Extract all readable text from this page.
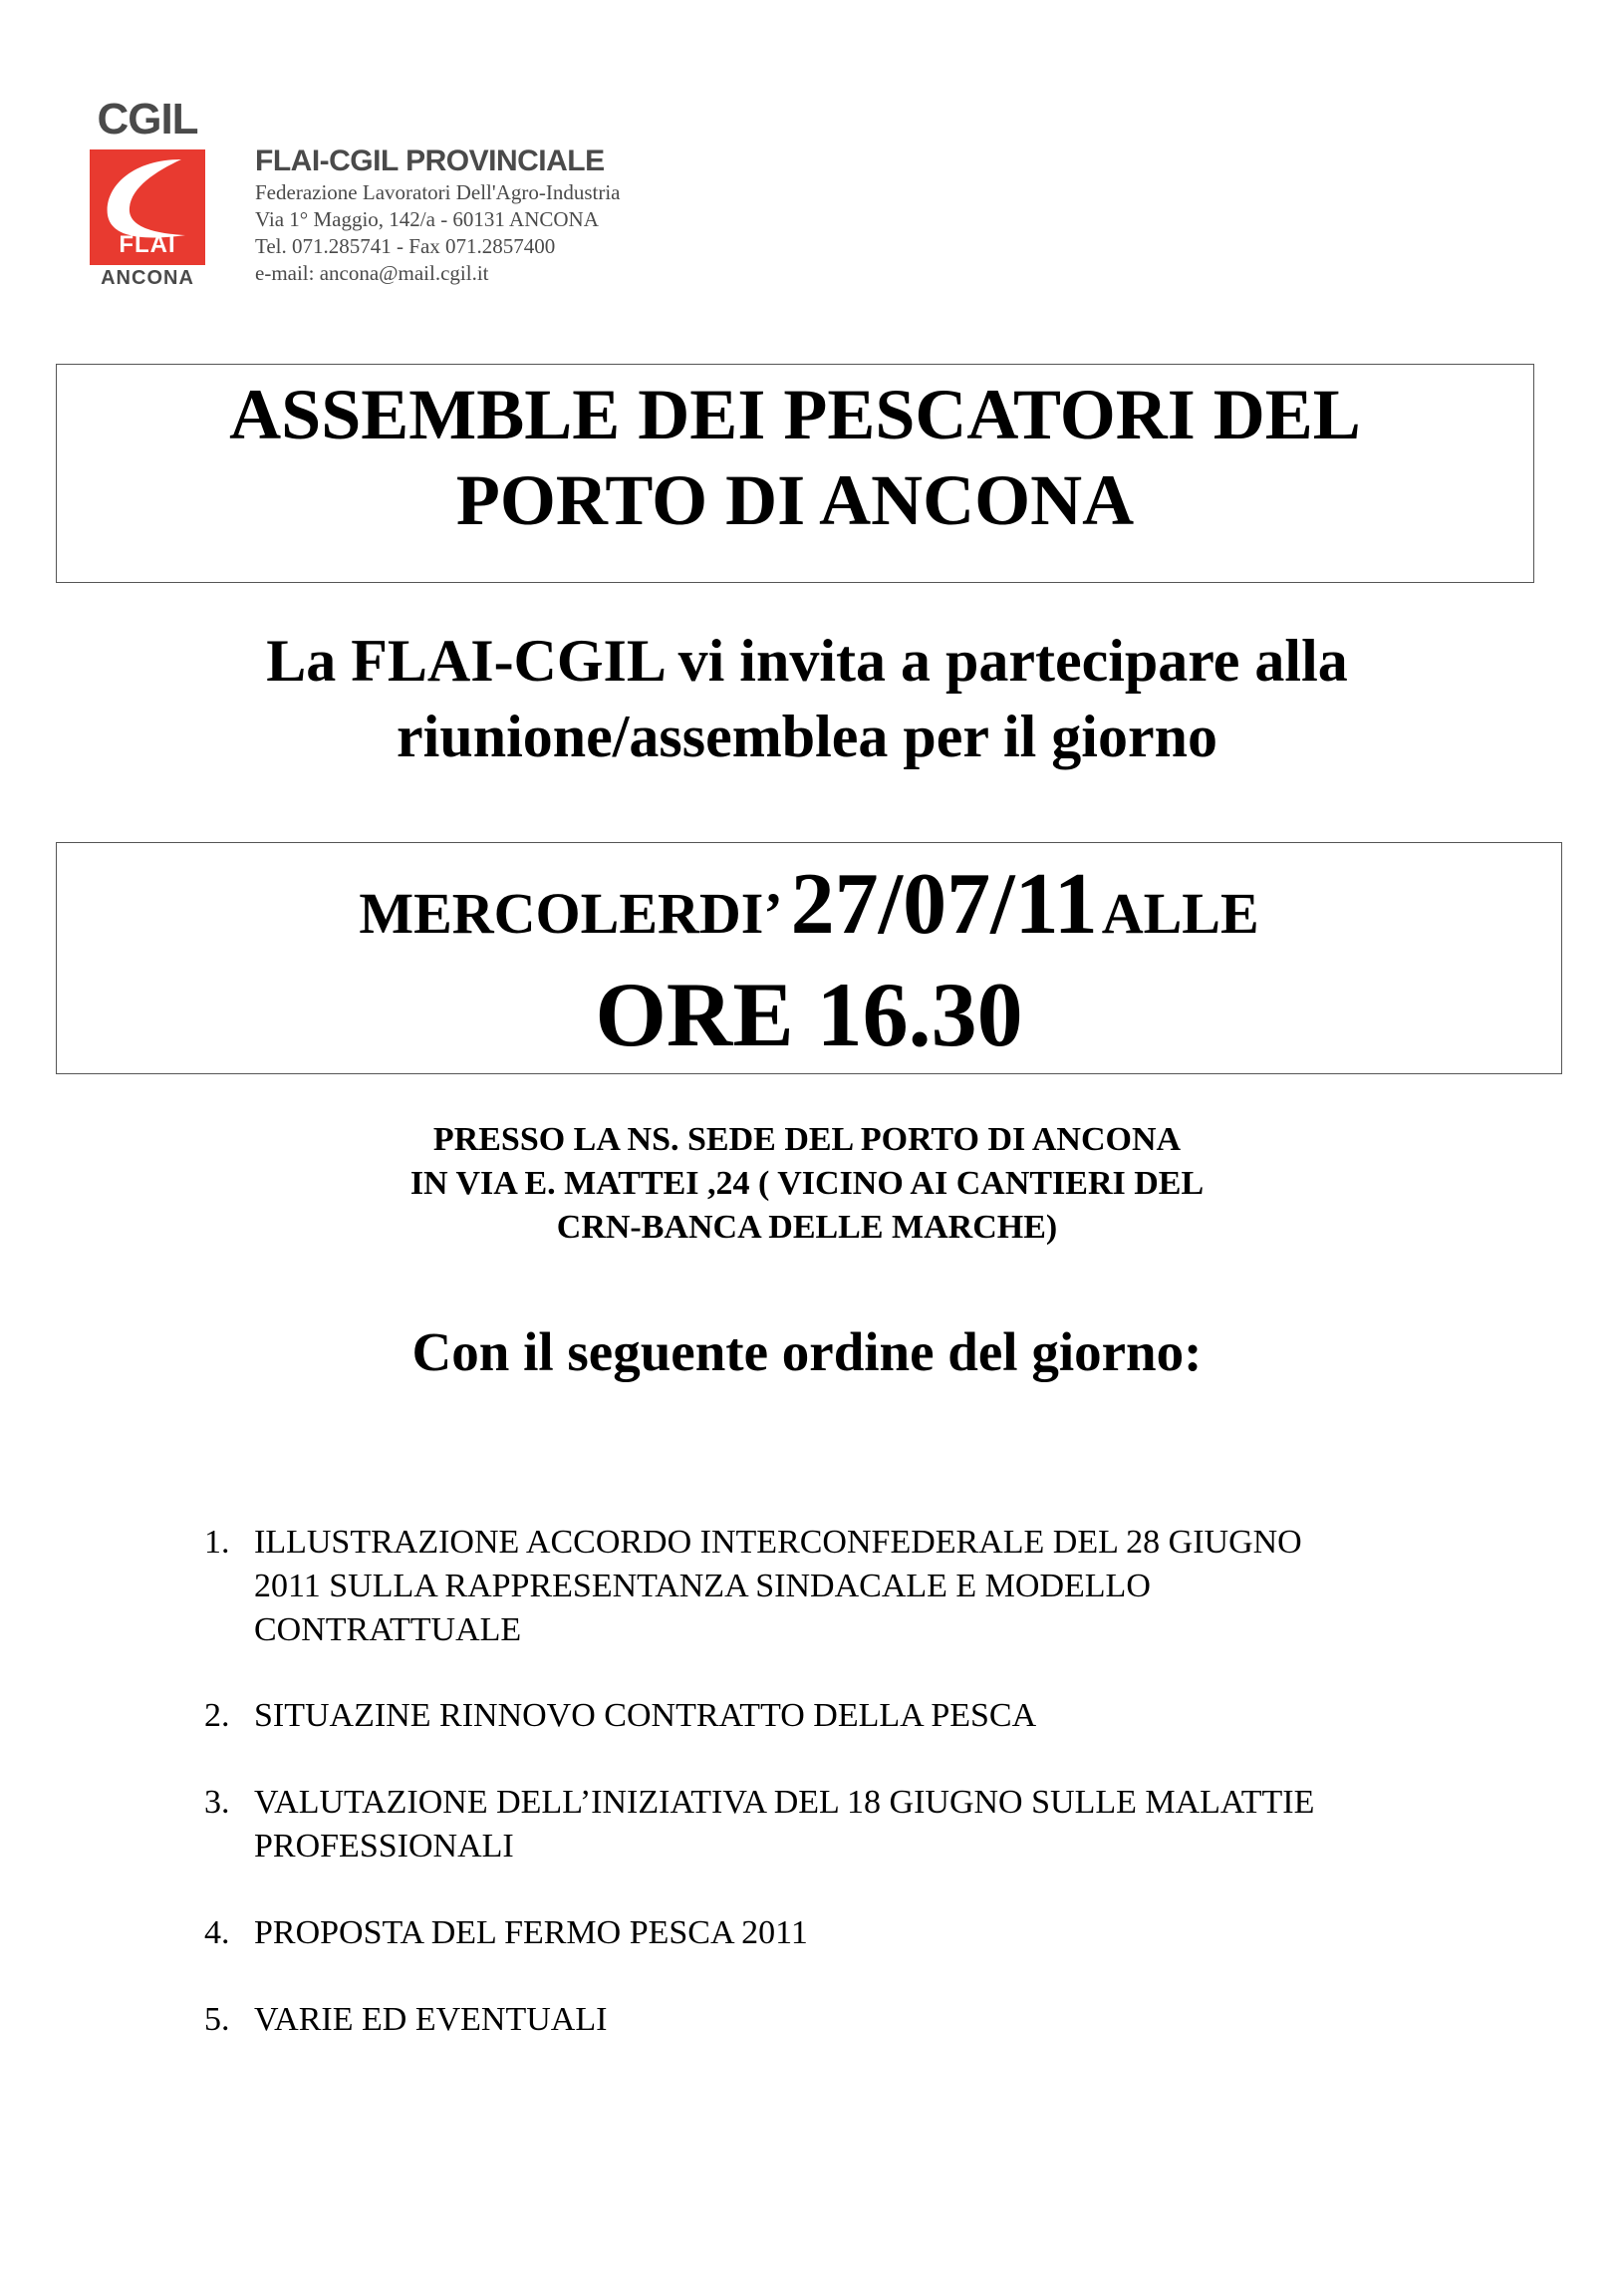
CGIL
FLAI
ANCONA
FLAI-CGIL PROVINCIALE
Federazione Lavoratori Dell'Agro-Industria
Via 1° Maggio, 142/a - 60131 ANCONA
Tel. 071.285741 - Fax 071.2857400
e-mail: ancona@mail.cgil.it
ASSEMBLE DEI PESCATORI DEL
PORTO DI ANCONA
La FLAI-CGIL vi invita a partecipare alla
riunione/assemblea per il giorno
MERCOLERDI’  27/07/11 ALLE
ORE 16.30
PRESSO LA NS. SEDE DEL PORTO DI ANCONA
IN VIA E. MATTEI ,24 ( VICINO AI CANTIERI DEL
CRN-BANCA DELLE MARCHE)
Con il seguente ordine del giorno:
1. ILLUSTRAZIONE ACCORDO INTERCONFEDERALE DEL 28 GIUGNO
2011 SULLA RAPPRESENTANZA SINDACALE E MODELLO
CONTRATTUALE
2. SITUAZINE RINNOVO CONTRATTO DELLA PESCA
3. VALUTAZIONE DELL’INIZIATIVA DEL 18 GIUGNO SULLE MALATTIE
PROFESSIONALI
4. PROPOSTA DEL FERMO PESCA 2011
5. VARIE ED EVENTUALI
